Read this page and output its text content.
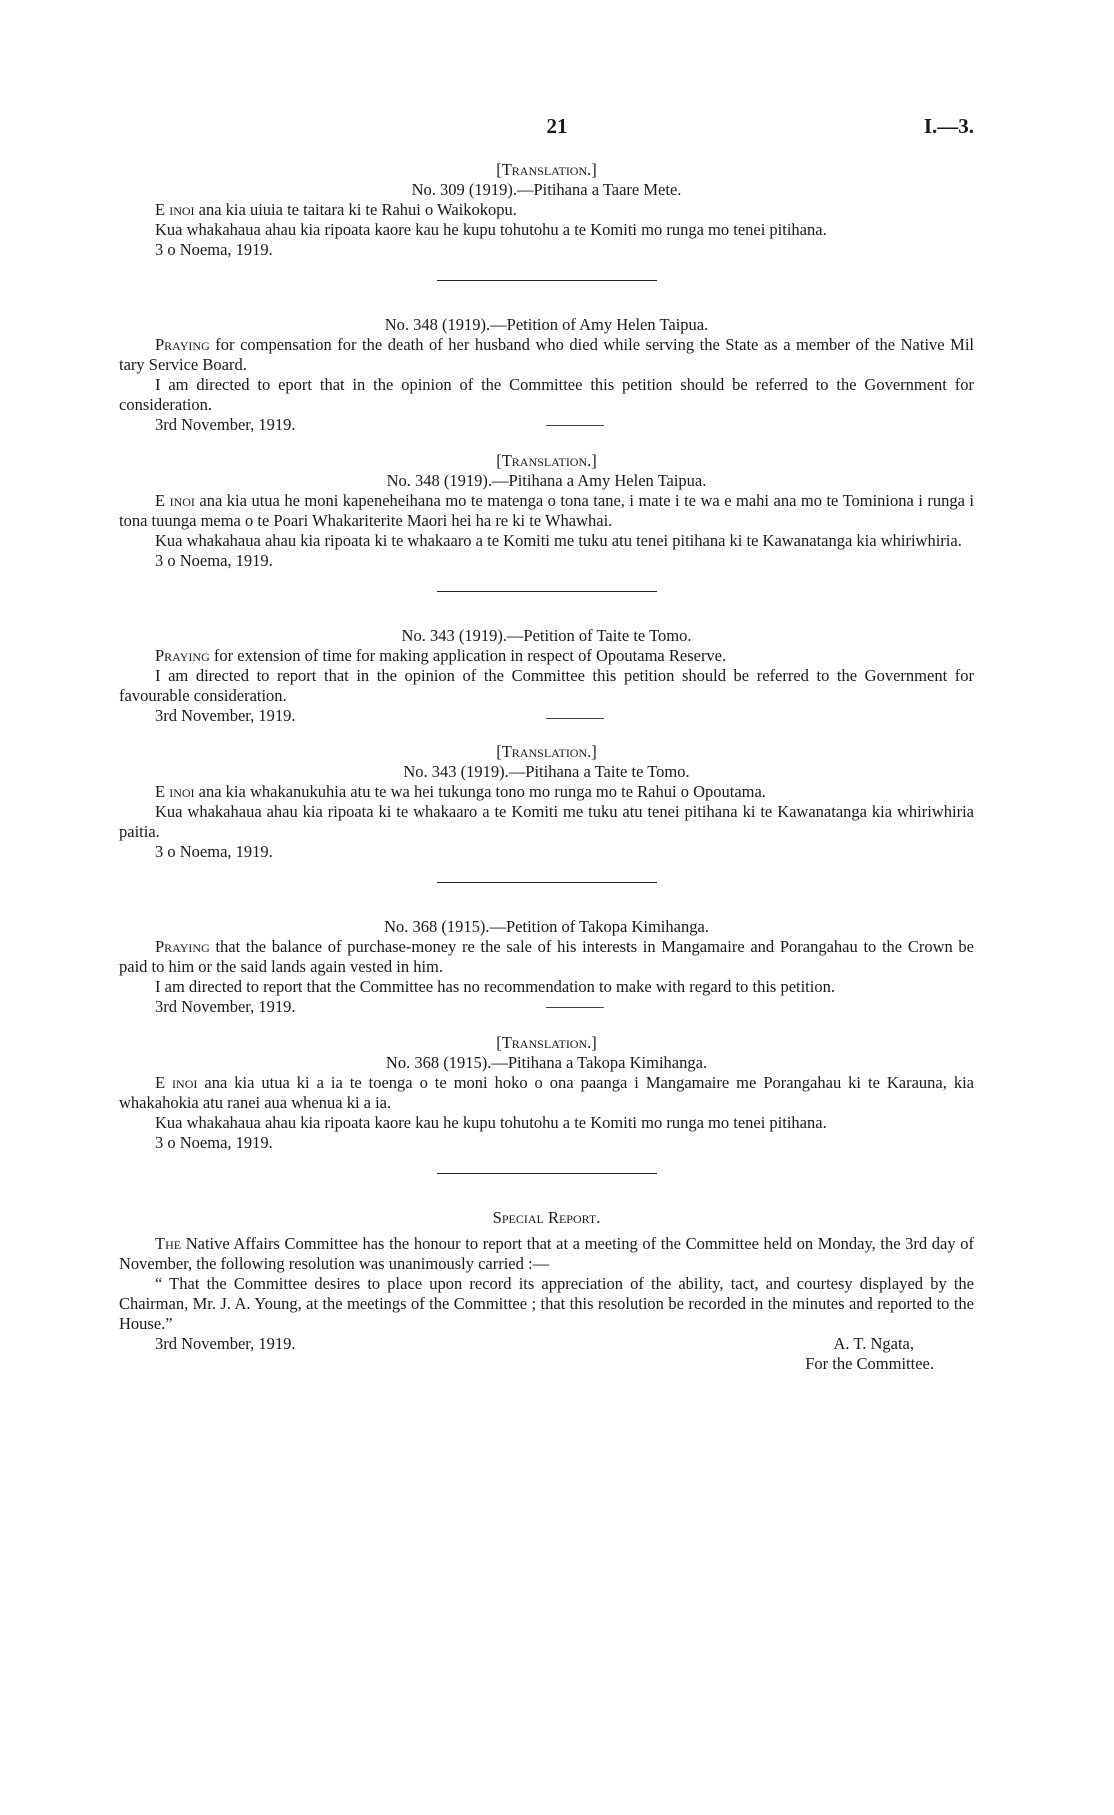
21	I.—3.

[Translation.]

No. 309 (1919).—Pitihana a Taare Mete.

E inoi ana kia uiuia te taitara ki te Rahui o Waikokopu.

Kua whakahaua ahau kia ripoata kaore kau he kupu tohutohu a te Komiti mo runga mo tenei pitihana.

3 o Noema, 1919.

No. 348 (1919).—Petition of Amy Helen Taipua.

Praying for compensation for the death of her husband who died while serving the State as a member of the Native Mil tary Service Board.

I am directed to eport that in the opinion of the Committee this petition should be referred to the Government for consideration.

3rd November, 1919.

[Translation.]

No. 348 (1919).—Pitihana a Amy Helen Taipua.

E inoi ana kia utua he moni kapeneheihana mo te matenga o tona tane, i mate i te wa e mahi ana mo te Tominiona i runga i tona tuunga mema o te Poari Whakariterite Maori hei ha re ki te Whawhai.

Kua whakahaua ahau kia ripoata ki te whakaaro a te Komiti me tuku atu tenei pitihana ki te Kawanatanga kia whiriwhiria.

3 o Noema, 1919.

No. 343 (1919).—Petition of Taite te Tomo.

Praying for extension of time for making application in respect of Opoutama Reserve.

I am directed to report that in the opinion of the Committee this petition should be referred to the Government for favourable consideration.

3rd November, 1919.

[Translation.]

No. 343 (1919).—Pitihana a Taite te Tomo.

E inoi ana kia whakanukuhia atu te wa hei tukunga tono mo runga mo te Rahui o Opoutama.

Kua whakahaua ahau kia ripoata ki te whakaaro a te Komiti me tuku atu tenei pitihana ki te Kawanatanga kia whiriwhiria paitia.

3 o Noema, 1919.

No. 368 (1915).—Petition of Takopa Kimihanga.

Praying that the balance of purchase-money re the sale of his interests in Mangamaire and Porangahau to the Crown be paid to him or the said lands again vested in him.

I am directed to report that the Committee has no recommendation to make with regard to this petition.

3rd November, 1919.

[Translation.]

No. 368 (1915).—Pitihana a Takopa Kimihanga.

E inoi ana kia utua ki a ia te toenga o te moni hoko o ona paanga i Mangamaire me Porangahau ki te Karauna, kia whakahokia atu ranei aua whenua ki a ia.

Kua whakahaua ahau kia ripoata kaore kau he kupu tohutohu a te Komiti mo runga mo tenei pitihana.

3 o Noema, 1919.

Special Report.

The Native Affairs Committee has the honour to report that at a meeting of the Committee held on Monday, the 3rd day of November, the following resolution was unanimously carried :—

“ That the Committee desires to place upon record its appreciation of the ability, tact, and courtesy displayed by the Chairman, Mr. J. A. Young, at the meetings of the Committee ; that this resolution be recorded in the minutes and reported to the House.”

3rd November, 1919.	A. T. Ngata,
For the Committee.
